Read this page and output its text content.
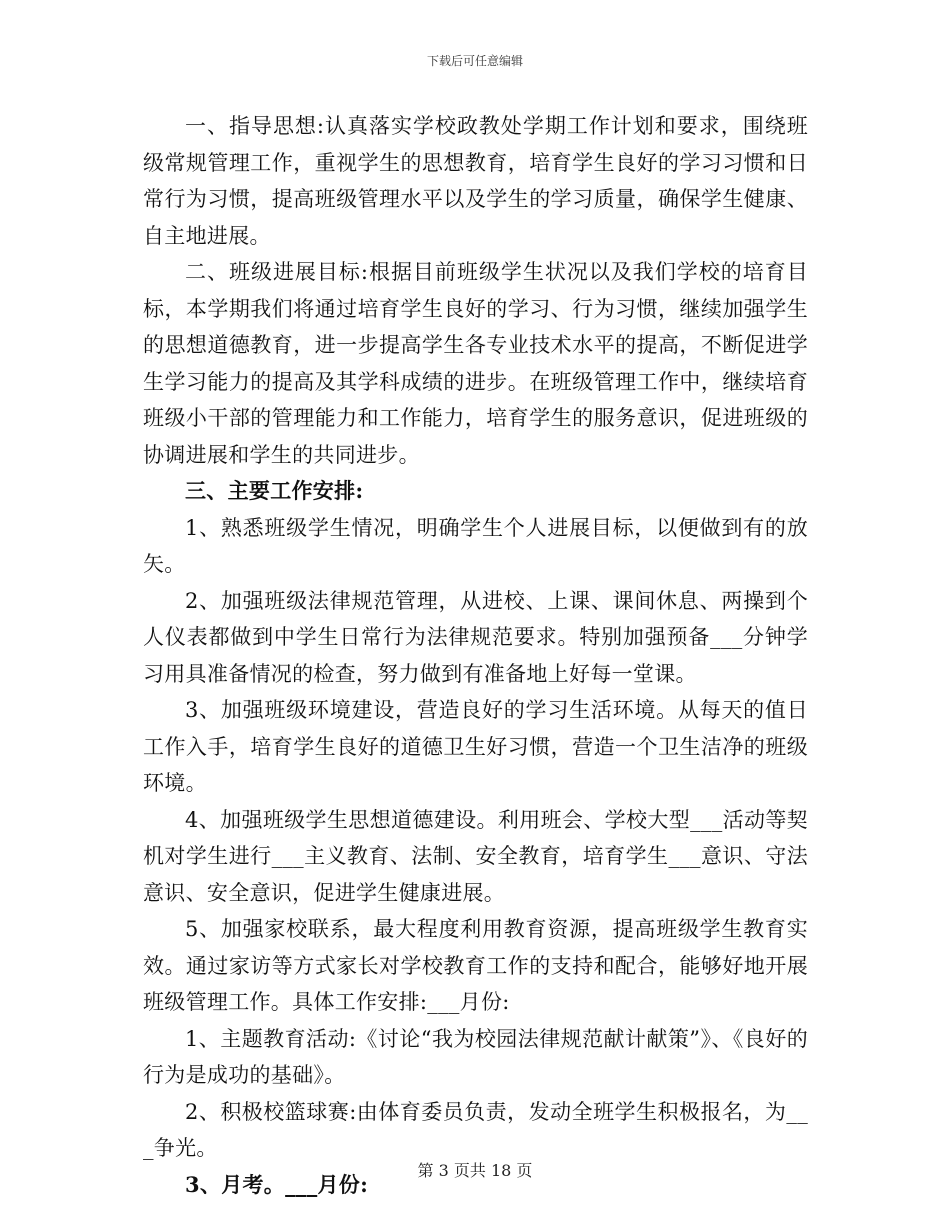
下载后可任意编辑

一、指导思想:认真落实学校政教处学期工作计划和要求，围绕班级常规管理工作，重视学生的思想教育，培育学生良好的学习习惯和日常行为习惯，提高班级管理水平以及学生的学习质量，确保学生健康、自主地进展。

二、班级进展目标:根据目前班级学生状况以及我们学校的培育目标，本学期我们将通过培育学生良好的学习、行为习惯，继续加强学生的思想道德教育，进一步提高学生各专业技术水平的提高，不断促进学生学习能力的提高及其学科成绩的进步。在班级管理工作中，继续培育班级小干部的管理能力和工作能力，培育学生的服务意识，促进班级的协调进展和学生的共同进步。

三、主要工作安排:

1、熟悉班级学生情况，明确学生个人进展目标，以便做到有的放矢。

2、加强班级法律规范管理，从进校、上课、课间休息、两操到个人仪表都做到中学生日常行为法律规范要求。特别加强预备___分钟学习用具准备情况的检查，努力做到有准备地上好每一堂课。

3、加强班级环境建设，营造良好的学习生活环境。从每天的值日工作入手，培育学生良好的道德卫生好习惯，营造一个卫生洁净的班级环境。

4、加强班级学生思想道德建设。利用班会、学校大型___活动等契机对学生进行___主义教育、法制、安全教育，培育学生___意识、守法意识、安全意识，促进学生健康进展。

5、加强家校联系，最大程度利用教育资源，提高班级学生教育实效。通过家访等方式家长对学校教育工作的支持和配合，能够好地开展班级管理工作。具体工作安排:___月份:

1、主题教育活动:《讨论“我为校园法律规范献计献策”》、《良好的行为是成功的基础》。

2、积极校篮球赛:由体育委员负责，发动全班学生积极报名，为___争光。

3、月考。___月份:

第 3 页共 18 页
